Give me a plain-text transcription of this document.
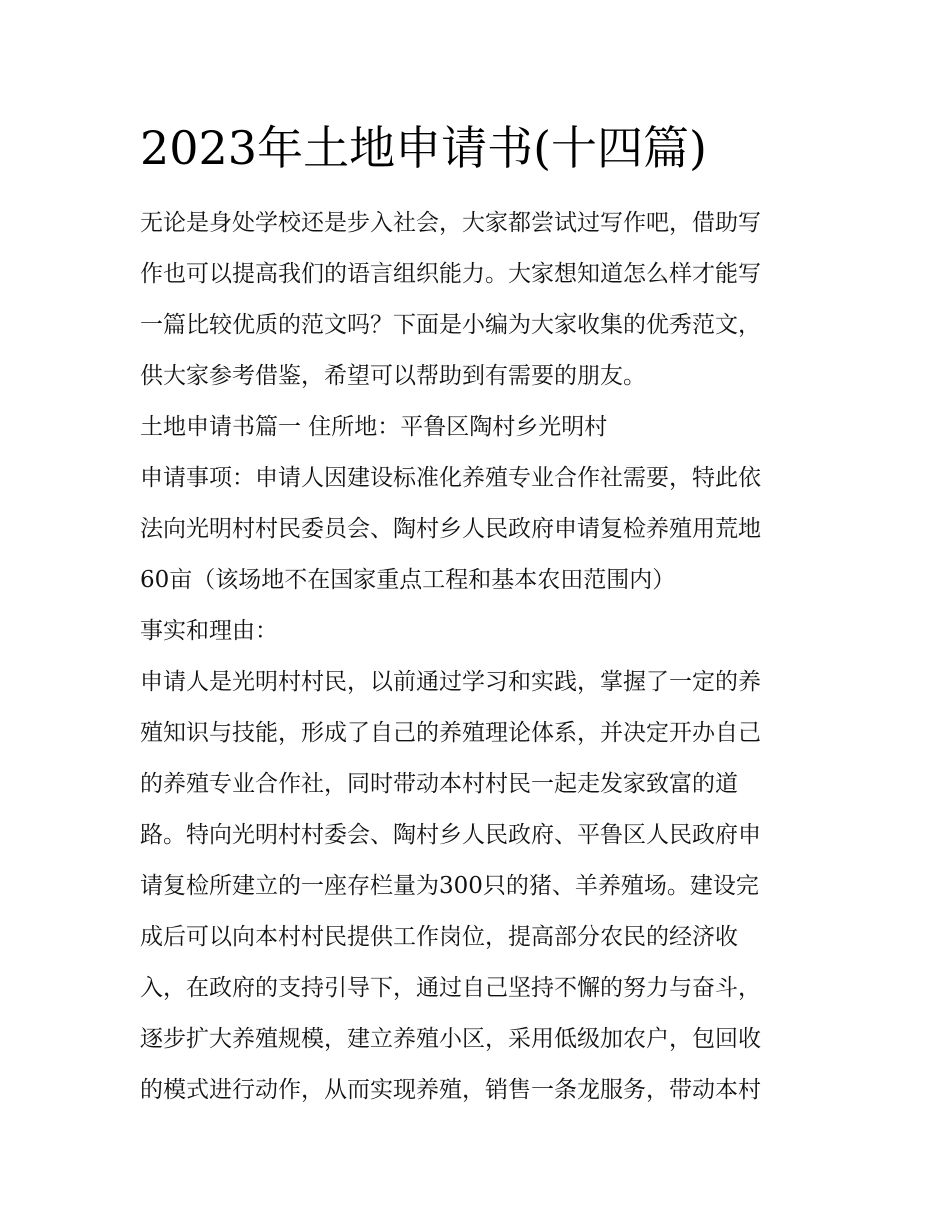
2023年土地申请书(十四篇)

无论是身处学校还是步入社会，大家都尝试过写作吧，借助写

作也可以提高我们的语言组织能力。大家想知道怎么样才能写

一篇比较优质的范文吗？下面是小编为大家收集的优秀范文，

供大家参考借鉴，希望可以帮助到有需要的朋友。

土地申请书篇一 住所地：平鲁区陶村乡光明村

申请事项：申请人因建设标准化养殖专业合作社需要，特此依

法向光明村村民委员会、陶村乡人民政府申请复检养殖用荒地

60亩（该场地不在国家重点工程和基本农田范围内）

事实和理由：

申请人是光明村村民，以前通过学习和实践，掌握了一定的养

殖知识与技能，形成了自己的养殖理论体系，并决定开办自己

的养殖专业合作社，同时带动本村村民一起走发家致富的道

路。特向光明村村委会、陶村乡人民政府、平鲁区人民政府申

请复检所建立的一座存栏量为300只的猪、羊养殖场。建设完

成后可以向本村村民提供工作岗位，提高部分农民的经济收

入，在政府的支持引导下，通过自己坚持不懈的努力与奋斗，

逐步扩大养殖规模，建立养殖小区，采用低级加农户，包回收

的模式进行动作，从而实现养殖，销售一条龙服务，带动本村
